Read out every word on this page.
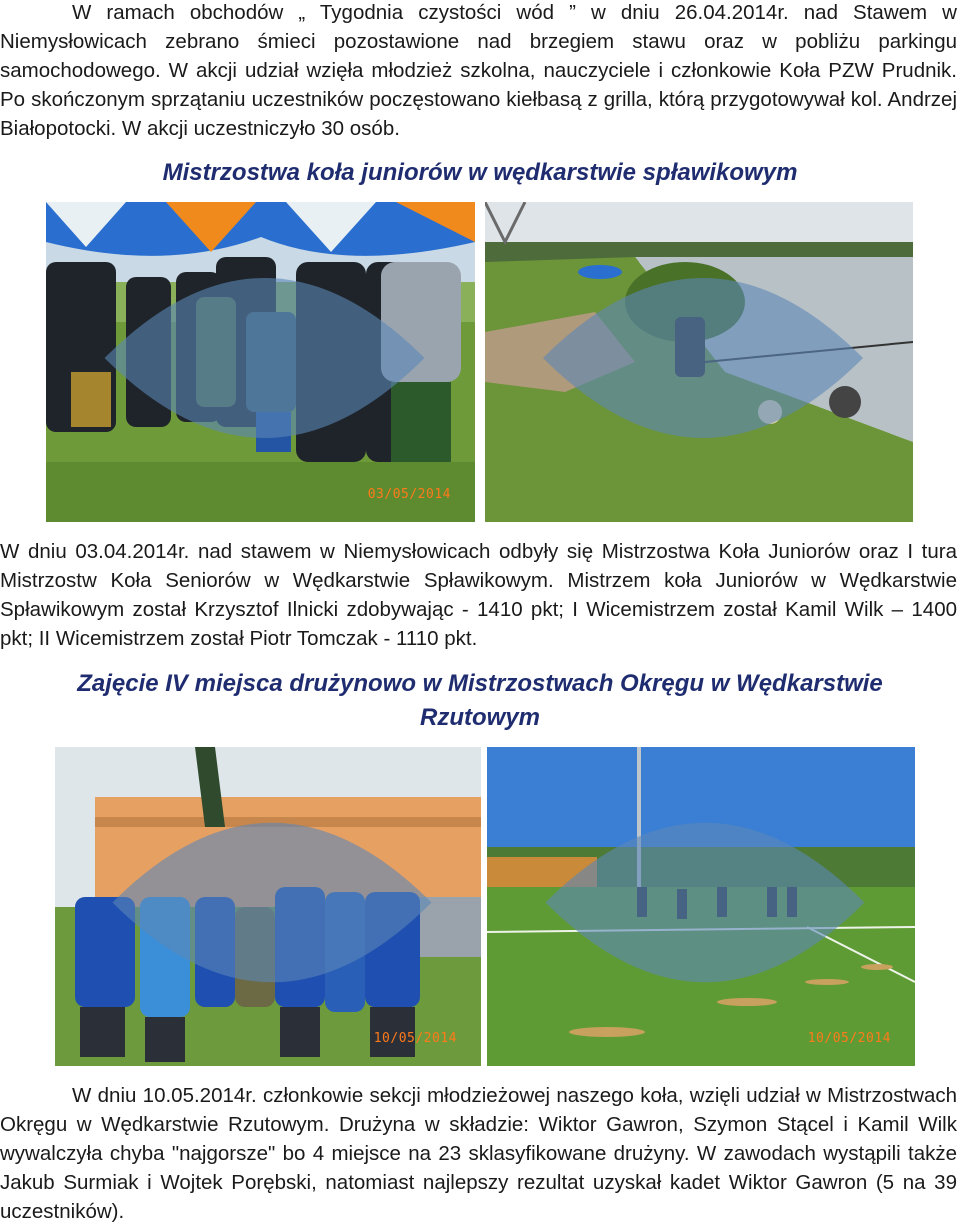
W ramach obchodów „ Tygodnia czystości wód ” w dniu 26.04.2014r. nad Stawem w Niemysłowicach zebrano śmieci pozostawione nad brzegiem stawu oraz w pobliżu parkingu samochodowego. W akcji udział wzięła młodzież szkolna, nauczyciele i członkowie Koła PZW Prudnik. Po skończonym sprzątaniu uczestników poczęstowano kiełbasą z grilla, którą przygotowywał kol. Andrzej Białopotocki. W akcji uczestniczyło 30 osób.

Mistrzostwa koła juniorów w wędkarstwie spławikowym
03/05/2014

W dniu 03.04.2014r. nad stawem w Niemysłowicach odbyły się Mistrzostwa Koła Juniorów oraz I tura Mistrzostw Koła Seniorów w Wędkarstwie Spławikowym. Mistrzem koła Juniorów w Wędkarstwie Spławikowym został Krzysztof Ilnicki zdobywając - 1410 pkt; I Wicemistrzem został Kamil Wilk – 1400 pkt; II Wicemistrzem został Piotr Tomczak - 1110 pkt.

Zajęcie IV miejsca drużynowo w Mistrzostwach Okręgu w Wędkarstwie
Rzutowym
10/05/2014	10/05/2014

W dniu 10.05.2014r. członkowie sekcji młodzieżowej naszego koła, wzięli udział w Mistrzostwach Okręgu w Wędkarstwie Rzutowym. Drużyna w składzie: Wiktor Gawron, Szymon Stącel i Kamil Wilk wywalczyła chyba "najgorsze" bo 4 miejsce na 23 sklasyfikowane drużyny. W zawodach wystąpili także Jakub Surmiak i Wojtek Porębski, natomiast najlepszy rezultat uzyskał kadet Wiktor Gawron (5 na 39 uczestników).
